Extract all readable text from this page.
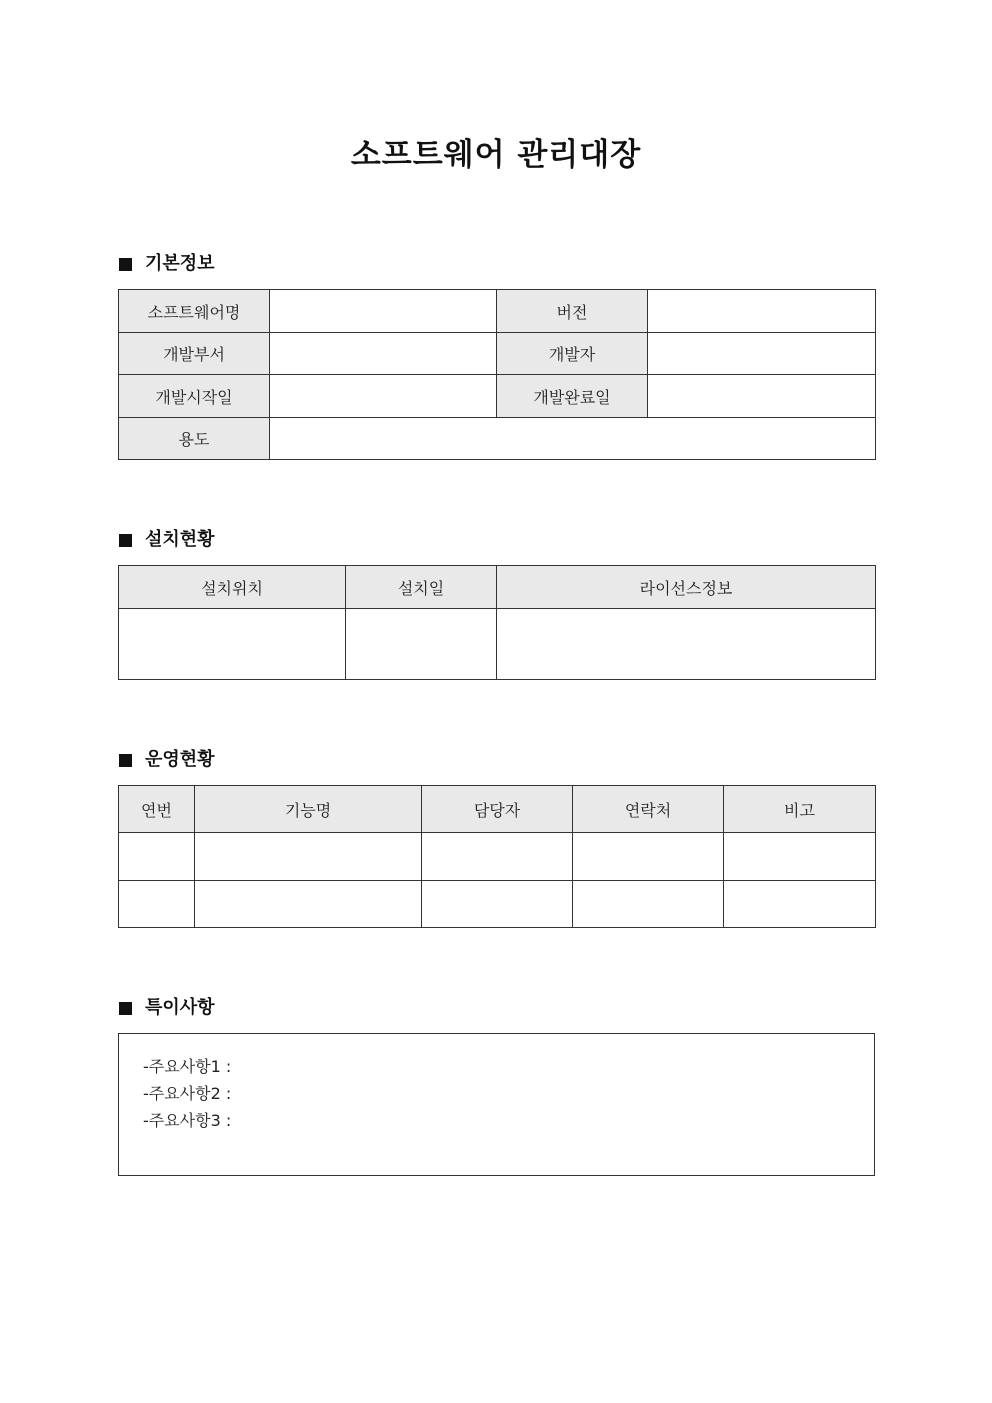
소프트웨어 관리대장
기본정보
소프트웨어명		버전	
개발부서		개발자	
개발시작일		개발완료일	
용도			
설치현황
설치위치	설치일	라이선스정보

운영현황
연번	기능명	담당자	연락처	비고

특이사항
-주요사항1 :
-주요사항2 :
-주요사항3 :
